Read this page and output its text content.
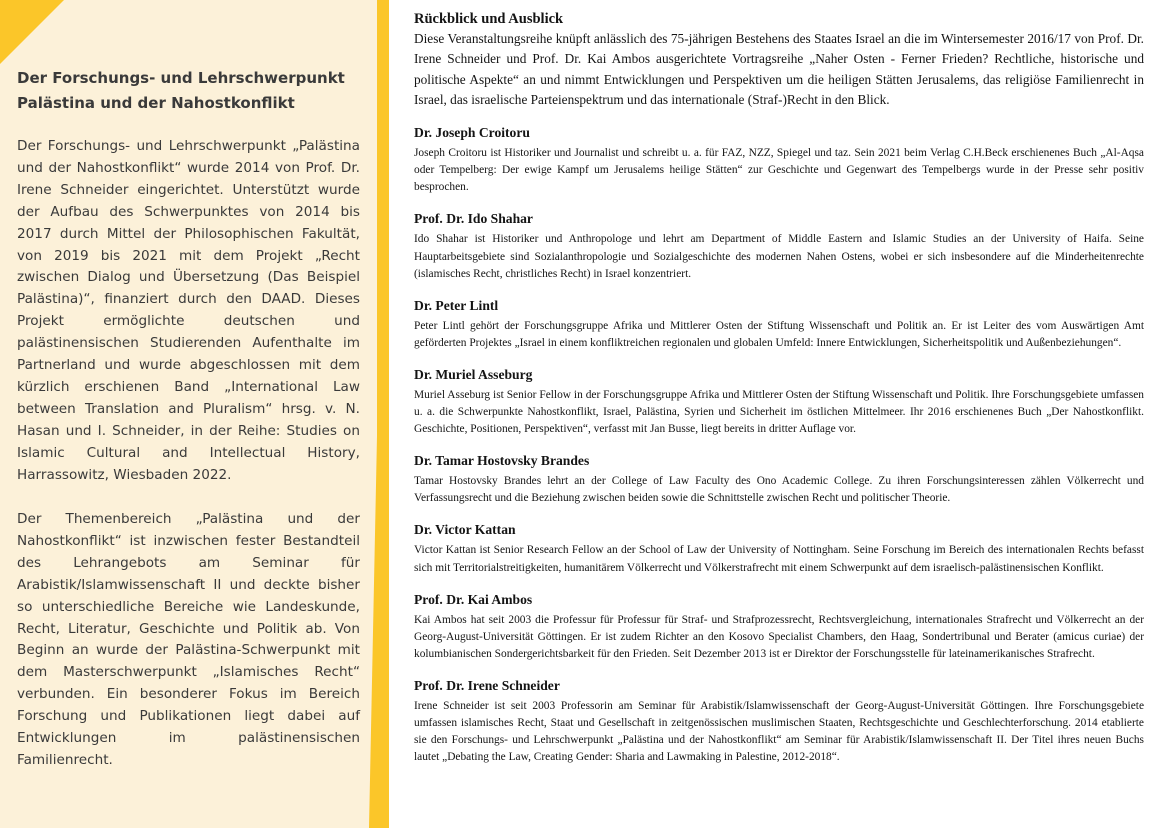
Der Forschungs- und Lehrschwerpunkt Palästina und der Nahostkonflikt

Der Forschungs- und Lehrschwerpunkt „Palästina und der Nahostkonflikt“ wurde 2014 von Prof. Dr. Irene Schneider eingerichtet. Unterstützt wurde der Aufbau des Schwerpunktes von 2014 bis 2017 durch Mittel der Philosophischen Fakultät, von 2019 bis 2021 mit dem Projekt „Recht zwischen Dialog und Übersetzung (Das Beispiel Palästina)“, finanziert durch den DAAD. Dieses Projekt ermöglichte deutschen und palästinensischen Studierenden Aufenthalte im Partnerland und wurde abgeschlossen mit dem kürzlich erschienen Band „International Law between Translation and Pluralism“ hrsg. v. N. Hasan und I. Schneider, in der Reihe: Studies on Islamic Cultural and Intellectual History, Harrassowitz, Wiesbaden 2022.

Der Themenbereich „Palästina und der Nahostkonflikt“ ist inzwischen fester Bestandteil des Lehrangebots am Seminar für Arabistik/Islamwissenschaft II und deckte bisher so unterschiedliche Bereiche wie Landeskunde, Recht, Literatur, Geschichte und Politik ab. Von Beginn an wurde der Palästina-Schwerpunkt mit dem Masterschwerpunkt „Islamisches Recht“ verbunden. Ein besonderer Fokus im Bereich Forschung und Publikationen liegt dabei auf Entwicklungen im palästinensischen Familienrecht.

Rückblick und Ausblick

Diese Veranstaltungsreihe knüpft anlässlich des 75-jährigen Bestehens des Staates Israel an die im Wintersemester 2016/17 von Prof. Dr. Irene Schneider und Prof. Dr. Kai Ambos ausgerichtete Vortragsreihe „Naher Osten - Ferner Frieden? Rechtliche, historische und politische Aspekte“ an und nimmt Entwicklungen und Perspektiven um die heiligen Stätten Jerusalems, das religiöse Familienrecht in Israel, das israelische Parteienspektrum und das internationale (Straf-)Recht in den Blick.

Dr. Joseph Croitoru

Joseph Croitoru ist Historiker und Journalist und schreibt u. a. für FAZ, NZZ, Spiegel und taz. Sein 2021 beim Verlag C.H.Beck erschienenes Buch „Al-Aqsa oder Tempelberg: Der ewige Kampf um Jerusalems heilige Stätten“ zur Geschichte und Gegenwart des Tempelbergs wurde in der Presse sehr positiv besprochen.

Prof. Dr. Ido Shahar

Ido Shahar ist Historiker und Anthropologe und lehrt am Department of Middle Eastern and Islamic Studies an der University of Haifa. Seine Hauptarbeitsgebiete sind Sozialanthropologie und Sozialgeschichte des modernen Nahen Ostens, wobei er sich insbesondere auf die Minderheitenrechte (islamisches Recht, christliches Recht) in Israel konzentriert.

Dr. Peter Lintl

Peter Lintl gehört der Forschungsgruppe Afrika und Mittlerer Osten der Stiftung Wissenschaft und Politik an. Er ist Leiter des vom Auswärtigen Amt geförderten Projektes „Israel in einem konfliktreichen regionalen und globalen Umfeld: Innere Entwicklungen, Sicherheitspolitik und Außenbeziehungen“.

Dr. Muriel Asseburg

Muriel Asseburg ist Senior Fellow in der Forschungsgruppe Afrika und Mittlerer Osten der Stiftung Wissenschaft und Politik. Ihre Forschungsgebiete umfassen u. a. die Schwerpunkte Nahostkonflikt, Israel, Palästina, Syrien und Sicherheit im östlichen Mittelmeer. Ihr 2016 erschienenes Buch „Der Nahostkonflikt. Geschichte, Positionen, Perspektiven“, verfasst mit Jan Busse, liegt bereits in dritter Auflage vor.

Dr. Tamar Hostovsky Brandes

Tamar Hostovsky Brandes lehrt an der College of Law Faculty des Ono Academic College. Zu ihren Forschungsinteressen zählen Völkerrecht und Verfassungsrecht und die Beziehung zwischen beiden sowie die Schnittstelle zwischen Recht und politischer Theorie.

Dr. Victor Kattan

Victor Kattan ist Senior Research Fellow an der School of Law der University of Nottingham. Seine Forschung im Bereich des internationalen Rechts befasst sich mit Territorialstreitigkeiten, humanitärem Völkerrecht und Völkerstrafrecht mit einem Schwerpunkt auf dem israelisch-palästinensischen Konflikt.

Prof. Dr. Kai Ambos

Kai Ambos hat seit 2003 die Professur für Professur für Straf- und Strafprozessrecht, Rechtsvergleichung, internationales Strafrecht und Völkerrecht an der Georg-August-Universität Göttingen. Er ist zudem Richter an den Kosovo Specialist Chambers, den Haag, Sondertribunal und Berater (amicus curiae) der kolumbianischen Sondergerichtsbarkeit für den Frieden. Seit Dezember 2013 ist er Direktor der Forschungsstelle für lateinamerikanisches Strafrecht.

Prof. Dr. Irene Schneider

Irene Schneider ist seit 2003 Professorin am Seminar für Arabistik/Islamwissenschaft der Georg-August-Universität Göttingen. Ihre Forschungsgebiete umfassen islamisches Recht, Staat und Gesellschaft in zeitgenössischen muslimischen Staaten, Rechtsgeschichte und Geschlechterforschung. 2014 etablierte sie den Forschungs- und Lehrschwerpunkt „Palästina und der Nahostkonflikt“ am Seminar für Arabistik/Islamwissenschaft II. Der Titel ihres neuen Buchs lautet „Debating the Law, Creating Gender: Sharia and Lawmaking in Palestine, 2012-2018“.
